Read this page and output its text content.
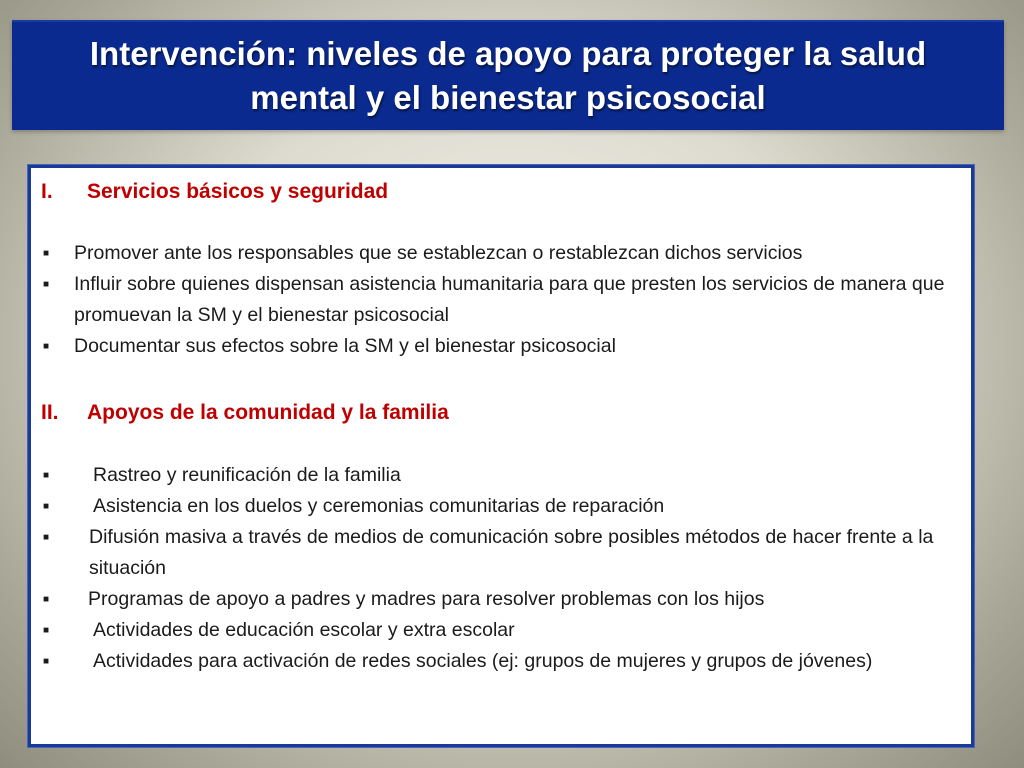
Intervención: niveles de apoyo para proteger la salud mental y el bienestar psicosocial
I. Servicios básicos y seguridad
■ Promover ante los responsables que se establezcan o restablezcan dichos servicios
■ Influir sobre quienes dispensan asistencia humanitaria para que presten los servicios de manera que promuevan la SM y el bienestar psicosocial
■ Documentar sus efectos sobre la SM y el bienestar psicosocial
II. Apoyos de la comunidad y la familia
■ Rastreo y reunificación de la familia
■ Asistencia en los duelos y ceremonias comunitarias de reparación
■ Difusión masiva a través de medios de comunicación sobre posibles métodos de hacer frente a la situación
■ Programas de apoyo a padres y madres para resolver problemas con los hijos
■ Actividades de educación escolar y extra escolar
■ Actividades para activación de redes sociales (ej: grupos de mujeres y grupos de jóvenes)
